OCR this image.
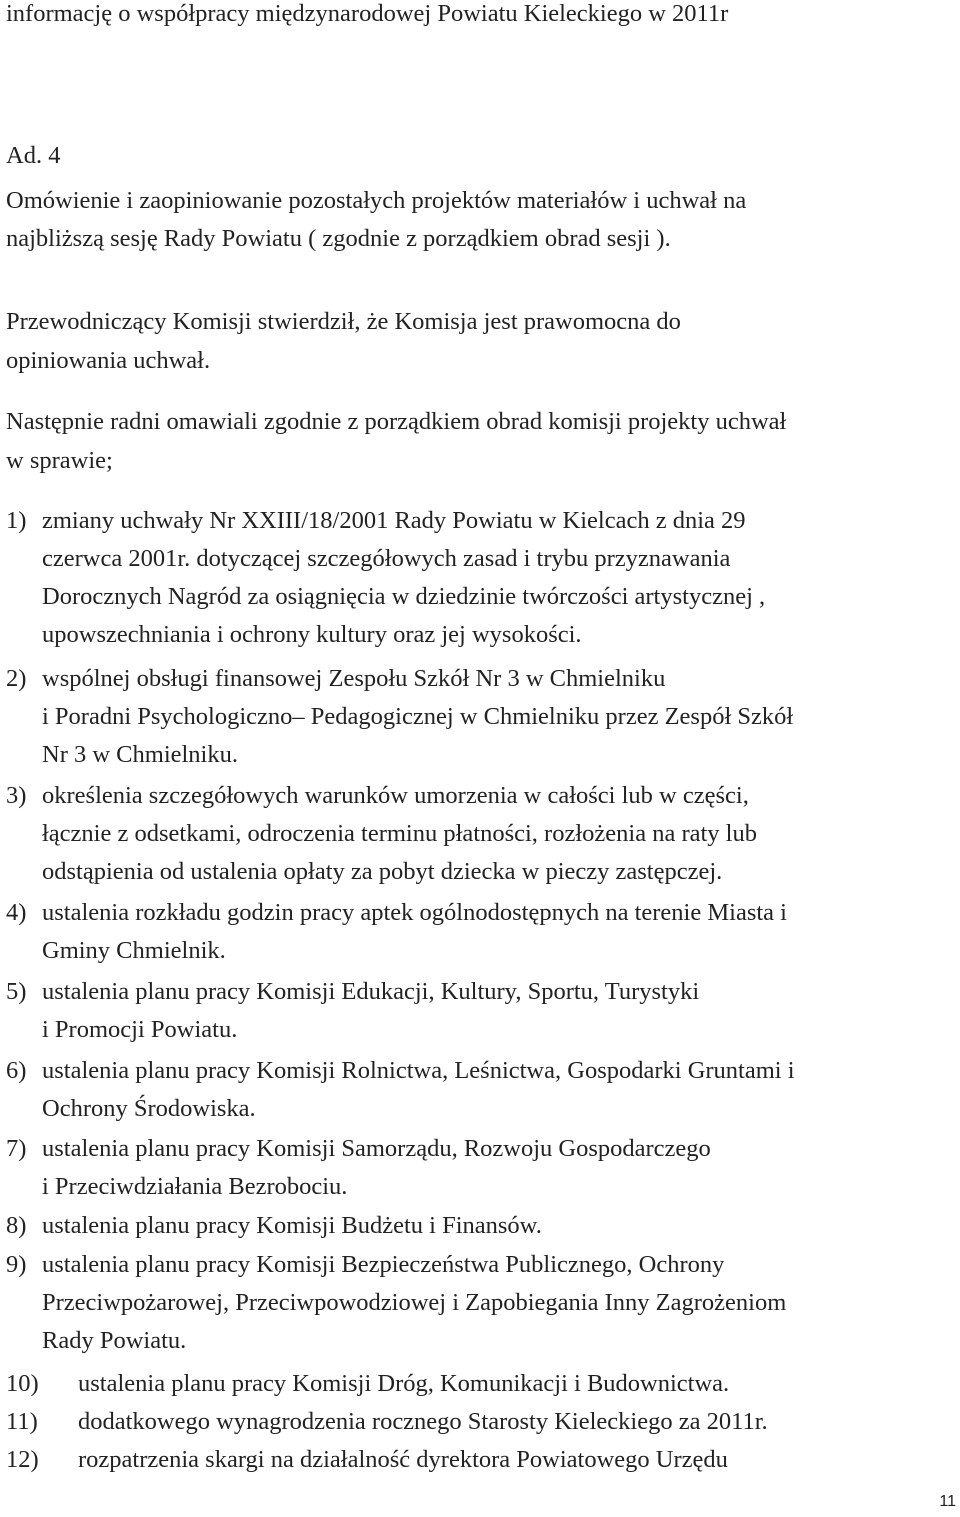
informację o współpracy międzynarodowej Powiatu Kieleckiego w 2011r
Ad. 4
Omówienie i zaopiniowanie pozostałych projektów materiałów i uchwał na
najbliższą sesję Rady Powiatu ( zgodnie z porządkiem obrad sesji ).
Przewodniczący Komisji stwierdził, że Komisja jest prawomocna do
opiniowania uchwał.
Następnie radni omawiali zgodnie z porządkiem obrad komisji projekty uchwał
w sprawie;
1) zmiany uchwały Nr XXIII/18/2001 Rady Powiatu w Kielcach z dnia 29
czerwca 2001r. dotyczącej szczegółowych zasad i trybu przyznawania
Dorocznych Nagród za osiągnięcia w dziedzinie twórczości artystycznej ,
upowszechniania i ochrony kultury oraz jej wysokości.
2) wspólnej obsługi finansowej Zespołu Szkół Nr 3 w Chmielniku
i Poradni Psychologiczno– Pedagogicznej w Chmielniku przez Zespół Szkół
Nr 3 w Chmielniku.
3) określenia szczegółowych warunków umorzenia w całości lub w części,
łącznie z odsetkami, odroczenia terminu płatności, rozłożenia na raty lub
odstąpienia od ustalenia opłaty za pobyt dziecka w pieczy zastępczej.
4) ustalenia rozkładu godzin pracy aptek ogólnodostępnych na terenie Miasta i
Gminy Chmielnik.
5) ustalenia planu pracy Komisji Edukacji, Kultury, Sportu, Turystyki
i Promocji Powiatu.
6) ustalenia planu pracy Komisji Rolnictwa, Leśnictwa, Gospodarki Gruntami i
Ochrony Środowiska.
7) ustalenia planu pracy Komisji Samorządu, Rozwoju Gospodarczego
i Przeciwdziałania Bezrobociu.
8) ustalenia planu pracy Komisji Budżetu i Finansów.
9) ustalenia planu pracy Komisji Bezpieczeństwa Publicznego, Ochrony
Przeciwpożarowej, Przeciwpowodziowej i Zapobiegania Inny Zagrożeniom
Rady Powiatu.
10) ustalenia planu pracy Komisji Dróg, Komunikacji i Budownictwa.
11) dodatkowego wynagrodzenia rocznego Starosty Kieleckiego za 2011r.
12) rozpatrzenia skargi na działalność dyrektora Powiatowego Urzędu
11
